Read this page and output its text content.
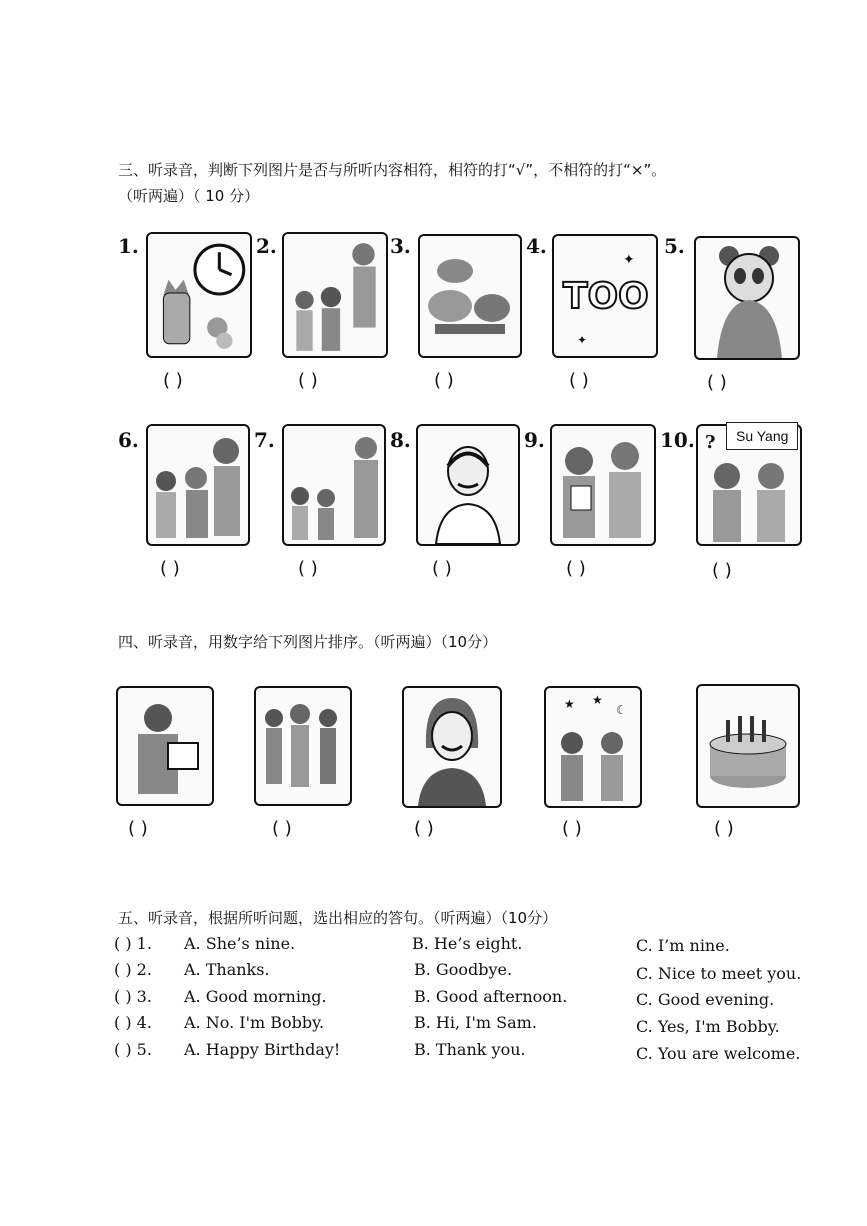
三、听录音，判断下列图片是否与所听内容相符，相符的打“√”，不相符的打“×”。
（听两遍）（ 10 分）
1.	2.	3.	4.
TOO
✦
✦
5.
( )	( )	( )	( )	( )
6.	7.	8.	9.	10. ?	Su Yang
( )	( )	( )	( )	( )
四、听录音，用数字给下列图片排序。（听两遍）（10分）
★ ★
☾
( )	( )	( )	( )	( )
五、听录音，根据所听问题，选出相应的答句。（听两遍）（10分）
( ) 1. A. She’s nine.	B. He’s eight.	C. I’m nine.
( ) 2. A. Thanks.	B. Goodbye.	C. Nice to meet you.
( ) 3. A. Good morning.	B. Good afternoon.	C. Good evening.
( ) 4. A. No. I'm Bobby.	B. Hi, I'm Sam.	C. Yes, I'm Bobby.
( ) 5. A. Happy Birthday!	B. Thank you.	C. You are welcome.
